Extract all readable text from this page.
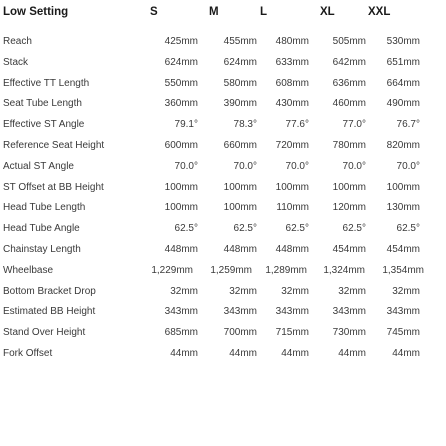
Low Setting	S	M	L	XL	XXL
Reach	425mm	455mm	480mm	505mm	530mm
Stack	624mm	624mm	633mm	642mm	651mm
Effective TT Length	550mm	580mm	608mm	636mm	664mm
Seat Tube Length	360mm	390mm	430mm	460mm	490mm
Effective ST Angle	79.1°	78.3°	77.6°	77.0°	76.7°
Reference Seat Height	600mm	660mm	720mm	780mm	820mm
Actual ST Angle	70.0°	70.0°	70.0°	70.0°	70.0°
ST Offset at BB Height	100mm	100mm	100mm	100mm	100mm
Head Tube Length	100mm	100mm	110mm	120mm	130mm
Head Tube Angle	62.5°	62.5°	62.5°	62.5°	62.5°
Chainstay Length	448mm	448mm	448mm	454mm	454mm
Wheelbase	1,229mm	1,259mm	1,289mm	1,324mm	1,354mm
Bottom Bracket Drop	32mm	32mm	32mm	32mm	32mm
Estimated BB Height	343mm	343mm	343mm	343mm	343mm
Stand Over Height	685mm	700mm	715mm	730mm	745mm
Fork Offset	44mm	44mm	44mm	44mm	44mm
